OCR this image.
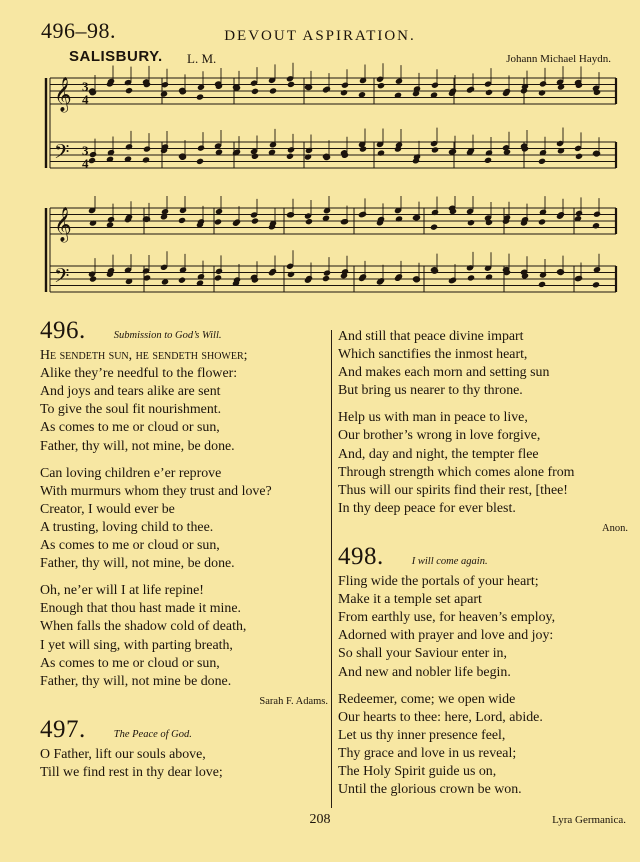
496–98.	DEVOUT ASPIRATION.
SALISBURY. L. M.	Johann Michael Haydn.
𝄞
𝄢
3
4
3
4
𝄞
𝄢
496.	Submission to God’s Will.
He sendeth sun, he sendeth shower;
Alike they’re needful to the flower:
And joys and tears alike are sent
To give the soul fit nourishment.
As comes to me or cloud or sun,
Father, thy will, not mine, be done.
Can loving children e’er reprove
With murmurs whom they trust and love?
Creator, I would ever be
A trusting, loving child to thee.
As comes to me or cloud or sun,
Father, thy will, not mine, be done.
Oh, ne’er will I at life repine!
Enough that thou hast made it mine.
When falls the shadow cold of death,
I yet will sing, with parting breath,
As comes to me or cloud or sun,
Father, thy will, not mine be done.
Sarah F. Adams.
497.	The Peace of God.
O Father, lift our souls above,
Till we find rest in thy dear love;
And still that peace divine impart
Which sanctifies the inmost heart,
And makes each morn and setting sun
But bring us nearer to thy throne.
Help us with man in peace to live,
Our brother’s wrong in love forgive,
And, day and night, the tempter flee
Through strength which comes alone from
Thus will our spirits find their rest, [thee!
In thy deep peace for ever blest.
Anon.
498.	I will come again.
Fling wide the portals of your heart;
Make it a temple set apart
From earthly use, for heaven’s employ,
Adorned with prayer and love and joy:
So shall your Saviour enter in,
And new and nobler life begin.
Redeemer, come; we open wide
Our hearts to thee: here, Lord, abide.
Let us thy inner presence feel,
Thy grace and love in us reveal;
The Holy Spirit guide us on,
Until the glorious crown be won.
208	Lyra Germanica.
